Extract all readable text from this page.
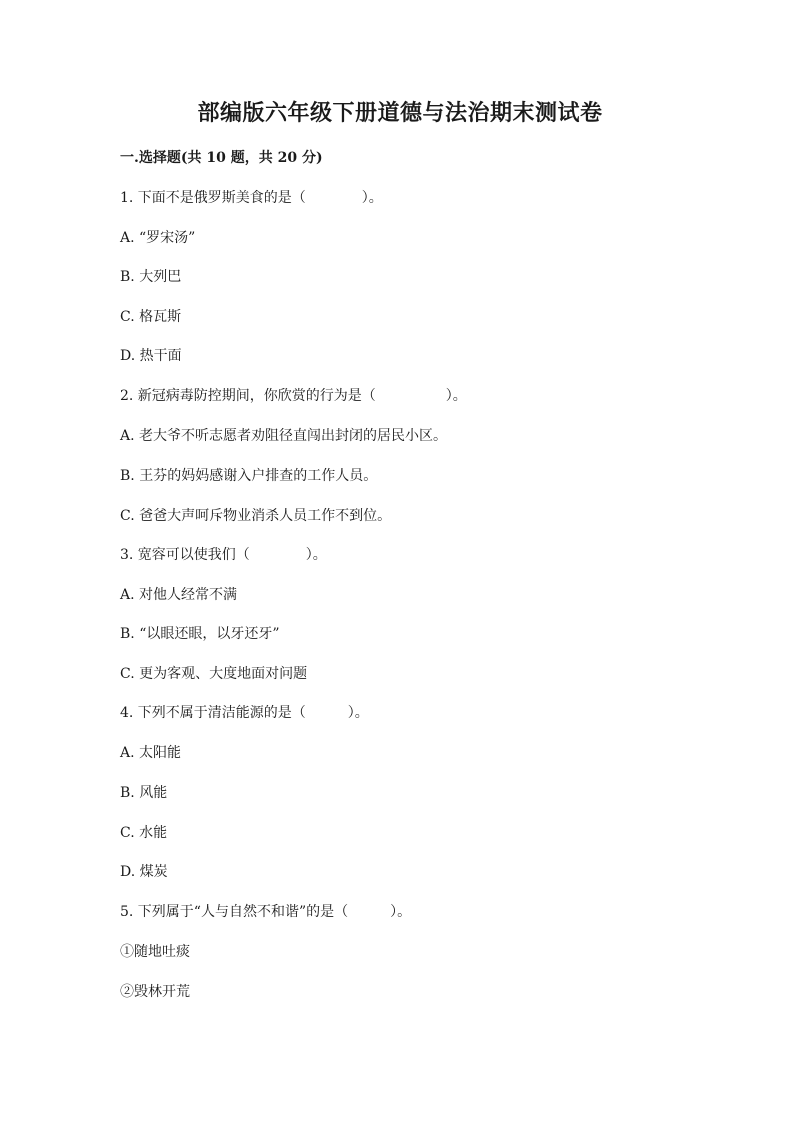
部编版六年级下册道德与法治期末测试卷
一.选择题(共 10 题，共 20 分)
1. 下面不是俄罗斯美食的是（　　　　）。
A. “罗宋汤”
B. 大列巴
C. 格瓦斯
D. 热干面
2. 新冠病毒防控期间，你欣赏的行为是（　　　　　）。
A. 老大爷不听志愿者劝阻径直闯出封闭的居民小区。
B. 王芬的妈妈感谢入户排查的工作人员。
C. 爸爸大声呵斥物业消杀人员工作不到位。
3. 宽容可以使我们（　　　　）。
A. 对他人经常不满
B. “以眼还眼，以牙还牙”
C. 更为客观、大度地面对问题
4. 下列不属于清洁能源的是（　　　）。
A. 太阳能
B. 风能
C. 水能
D. 煤炭
5. 下列属于“人与自然不和谐”的是（　　　）。
①随地吐痰
②毁林开荒
